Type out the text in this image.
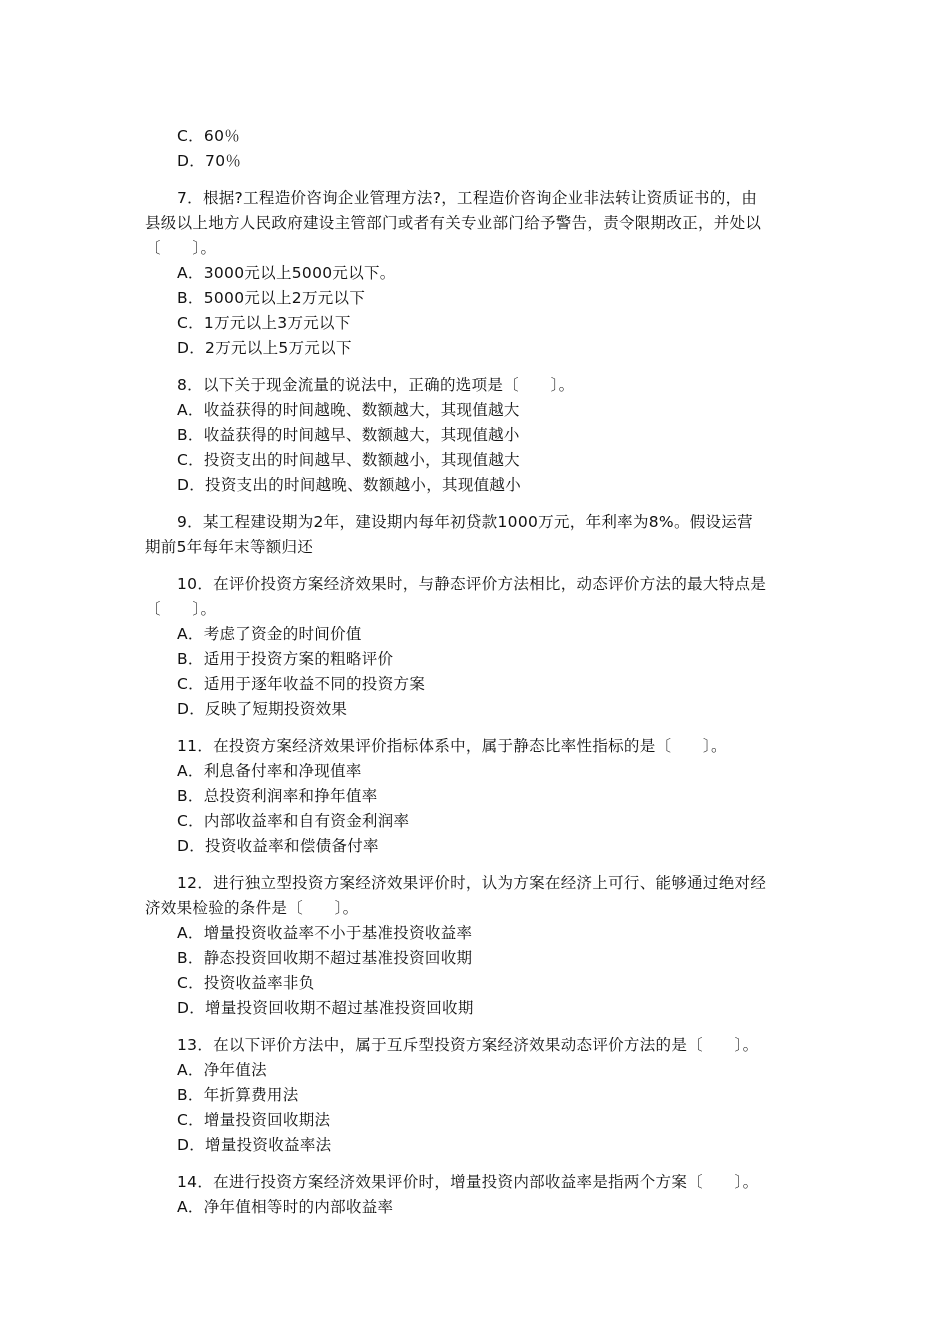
C．60％
D．70％
7．根据?工程造价咨询企业管理方法?，工程造价咨询企业非法转让资质证书的，由
县级以上地方人民政府建设主管部门或者有关专业部门给予警告，责令限期改正，并处以
〔　　〕。
A．3000元以上5000元以下。
B．5000元以上2万元以下
C．1万元以上3万元以下
D．2万元以上5万元以下
8．以下关于现金流量的说法中，正确的选项是〔　　〕。
A．收益获得的时间越晚、数额越大，其现值越大
B．收益获得的时间越早、数额越大，其现值越小
C．投资支出的时间越早、数额越小，其现值越大
D．投资支出的时间越晚、数额越小，其现值越小
9．某工程建设期为2年，建设期内每年初贷款1000万元，年利率为8%。假设运营
期前5年每年末等额归还
10．在评价投资方案经济效果时，与静态评价方法相比，动态评价方法的最大特点是
〔　　〕。
A．考虑了资金的时间价值
B．适用于投资方案的粗略评价
C．适用于逐年收益不同的投资方案
D．反映了短期投资效果
11．在投资方案经济效果评价指标体系中，属于静态比率性指标的是〔　　〕。
A．利息备付率和净现值率
B．总投资利润率和挣年值率
C．内部收益率和自有资金利润率
D．投资收益率和偿债备付率
12．进行独立型投资方案经济效果评价时，认为方案在经济上可行、能够通过绝对经
济效果检验的条件是〔　　〕。
A．增量投资收益率不小于基准投资收益率
B．静态投资回收期不超过基准投资回收期
C．投资收益率非负
D．增量投资回收期不超过基准投资回收期
13．在以下评价方法中，属于互斥型投资方案经济效果动态评价方法的是〔　　〕。
A．净年值法
B．年折算费用法
C．增量投资回收期法
D．增量投资收益率法
14．在进行投资方案经济效果评价时，增量投资内部收益率是指两个方案〔　　〕。
A．净年值相等时的内部收益率
